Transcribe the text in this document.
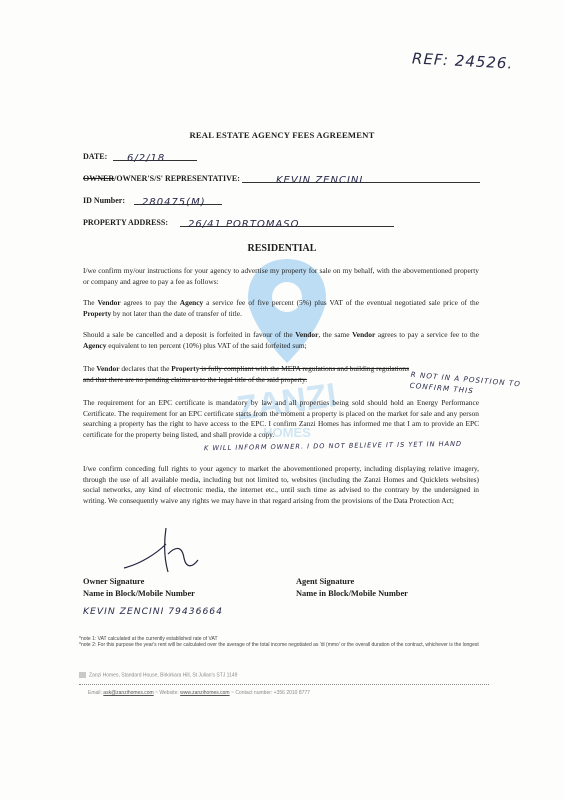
REF: 24526.
ZANZI
HOMES
REAL ESTATE AGENCY FEES AGREEMENT
DATE:	6/2/18
OWNER/OWNER'S/S' REPRESENTATIVE:	KEVIN ZENCINI
ID Number:	280475(M)
PROPERTY ADDRESS:	26/41 PORTOMASO
RESIDENTIAL
I/we confirm my/our instructions for your agency to advertise my property for sale on my behalf, with the abovementioned property or company and agree to pay a fee as follows:
The Vendor agrees to pay the Agency a service fee of five percent (5%) plus VAT of the eventual negotiated sale price of the Property by not later than the date of transfer of title.
Should a sale be cancelled and a deposit is forfeited in favour of the Vendor, the same Vendor agrees to pay a service fee to the Agency equivalent to ten percent (10%) plus VAT of the said forfeited sum;
The Vendor declares that the Property is fully compliant with the MEPA regulations and building regulations and that there are no pending claims as to the legal title of the said property.	R NOT IN A POSITION TO CONFIRM THIS
The requirement for an EPC certificate is mandatory by law and all properties being sold should hold an Energy Performance Certificate. The requirement for an EPC certificate starts from the moment a property is placed on the market for sale and any person searching a property has the right to have access to the EPC. I confirm Zanzi Homes has informed me that I am to provide an EPC certificate for the property being listed, and shall provide a copy.
K WILL INFORM OWNER. I DO NOT BELIEVE IT IS YET IN HAND
I/we confirm conceding full rights to your agency to market the abovementioned property, including displaying relative imagery, through the use of all available media, including but not limited to, websites (including the Zanzi Homes and Quicklets websites) social networks, any kind of electronic media, the internet etc., until such time as advised to the contrary by the undersigned in writing. We consequently waive any rights we may have in that regard arising from the provisions of the Data Protection Act;
Owner Signature
Name in Block/Mobile Number
Agent Signature
Name in Block/Mobile Number
KEVIN ZENCINI 79436664
*note 1: VAT calculated at the currently established rate of VAT
*note 2: For this purpose the year's rent will be calculated over the average of the total income negotiated as 'di (mmo' or the overall duration of the contract, whichever is the longest
Zanzi Homes, Standard House, Birkirkara Hill, St Julian's STJ 1149
Email: ask@zanzihomes.com ~ Website: www.zanzihomes.com ~ Contact number: +356 2010 8777
